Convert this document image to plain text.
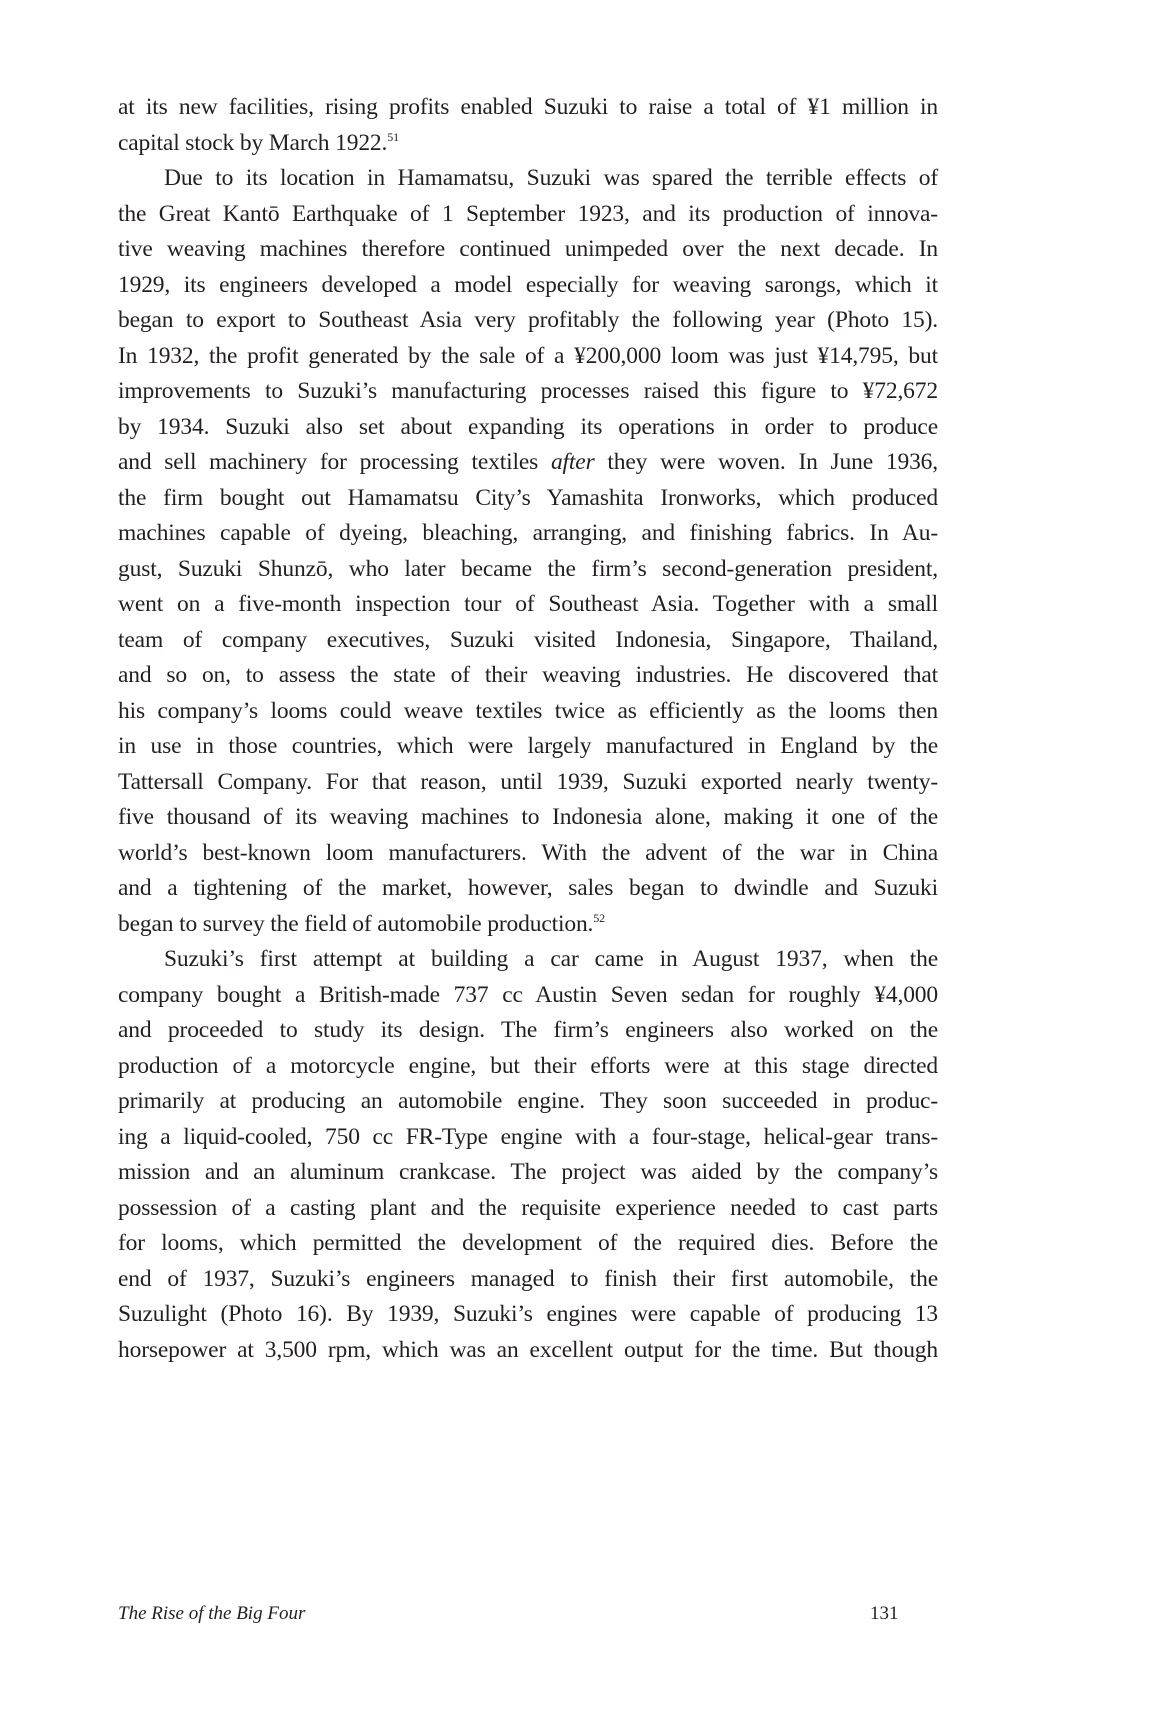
at its new facilities, rising profits enabled Suzuki to raise a total of ¥1 million in
capital stock by March 1922.51
Due to its location in Hamamatsu, Suzuki was spared the terrible effects of
the Great Kantō Earthquake of 1 September 1923, and its production of innova-
tive weaving machines therefore continued unimpeded over the next decade. In
1929, its engineers developed a model especially for weaving sarongs, which it
began to export to Southeast Asia very profitably the following year (Photo 15).
In 1932, the profit generated by the sale of a ¥200,000 loom was just ¥14,795, but
improvements to Suzuki’s manufacturing processes raised this figure to ¥72,672
by 1934. Suzuki also set about expanding its operations in order to produce
and sell machinery for processing textiles after they were woven. In June 1936,
the firm bought out Hamamatsu City’s Yamashita Ironworks, which produced
machines capable of dyeing, bleaching, arranging, and finishing fabrics. In Au-
gust, Suzuki Shunzō, who later became the firm’s second-generation president,
went on a five-month inspection tour of Southeast Asia. Together with a small
team of company executives, Suzuki visited Indonesia, Singapore, Thailand,
and so on, to assess the state of their weaving industries. He discovered that
his company’s looms could weave textiles twice as efficiently as the looms then
in use in those countries, which were largely manufactured in England by the
Tattersall Company. For that reason, until 1939, Suzuki exported nearly twenty-
five thousand of its weaving machines to Indonesia alone, making it one of the
world’s best-known loom manufacturers. With the advent of the war in China
and a tightening of the market, however, sales began to dwindle and Suzuki
began to survey the field of automobile production.$^{52}$
Suzuki’s first attempt at building a car came in August 1937, when the
company bought a British-made 737 cc Austin Seven sedan for roughly ¥4,000
and proceeded to study its design. The firm’s engineers also worked on the
production of a motorcycle engine, but their efforts were at this stage directed
primarily at producing an automobile engine. They soon succeeded in produc-
ing a liquid-cooled, 750 cc FR-Type engine with a four-stage, helical-gear trans-
mission and an aluminum crankcase. The project was aided by the company’s
possession of a casting plant and the requisite experience needed to cast parts
for looms, which permitted the development of the required dies. Before the
end of 1937, Suzuki’s engineers managed to finish their first automobile, the
Suzulight (Photo 16). By 1939, Suzuki’s engines were capable of producing 13
horsepower at 3,500 rpm, which was an excellent output for the time. But though
The Rise of the Big Four	131
